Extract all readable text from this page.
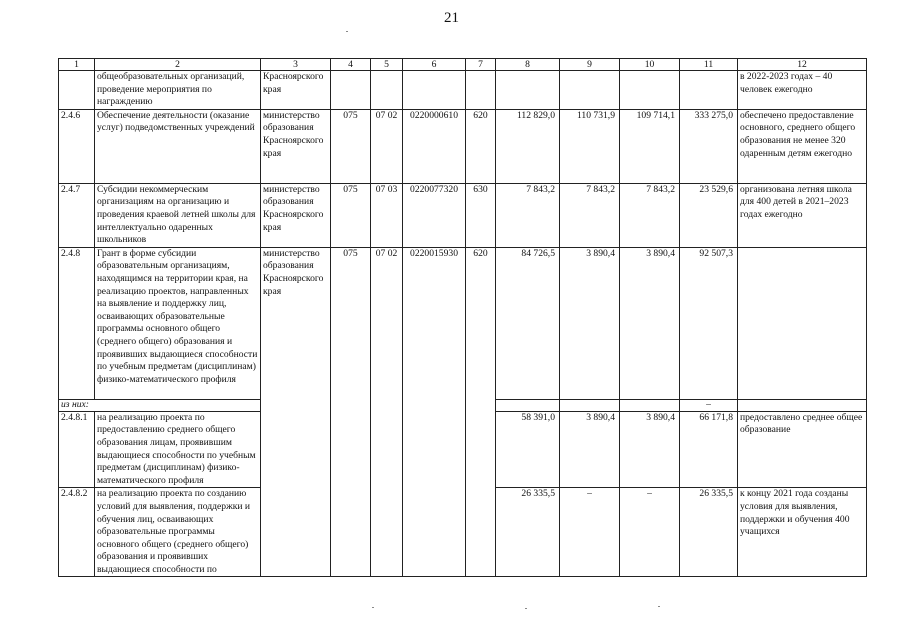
21
1	2	3	4	5	6	7	8	9	10	11	12
	общеобразовательных организаций, проведение мероприятия по награждению	Красноярского края									в 2022-2023 годах – 40 человек ежегодно
2.4.6	Обеспечение деятельности (оказание услуг) подведомственных учреждений	министерство образования Красноярского края	075	07 02	0220000610	620	112 829,0	110 731,9	109 714,1	333 275,0	обеспечено предоставление основного, среднего общего образования не менее 320 одаренным детям ежегодно
2.4.7	Субсидии некоммерческим организациям на организацию и проведения краевой летней школы для интеллектуально одаренных школьников	министерство образования Красноярского края	075	07 03	0220077320	630	7 843,2	7 843,2	7 843,2	23 529,6	организована летняя школа для 400 детей в 2021–2023 годах ежегодно
2.4.8	Грант в форме субсидии образовательным организациям, находящимся на территории края, на реализацию проектов, направленных на выявление и поддержку лиц, осваивающих образовательные программы основного общего (среднего общего) образования и проявивших выдающиеся способности по учебным предметам (дисциплинам) физико-математического профиля	министерство образования Красноярского края	075	07 02	0220015930	620	84 726,5	3 890,4	3 890,4	92 507,3	
из них:										–	
2.4.8.1	на реализацию проекта по предоставлению среднего общего образования лицам, проявившим выдающиеся способности по учебным предметам (дисциплинам) физико-математического профиля						58 391,0	3 890,4	3 890,4	66 171,8	предоставлено среднее общее образование
2.4.8.2	на реализацию проекта по созданию условий для выявления, поддержки и обучения лиц, осваивающих образовательные программы основного общего (среднего общего) образования и проявивших выдающиеся способности по						26 335,5	–	–	26 335,5	к концу 2021 года созданы условия для выявления, поддержки и обучения 400 учащихся
